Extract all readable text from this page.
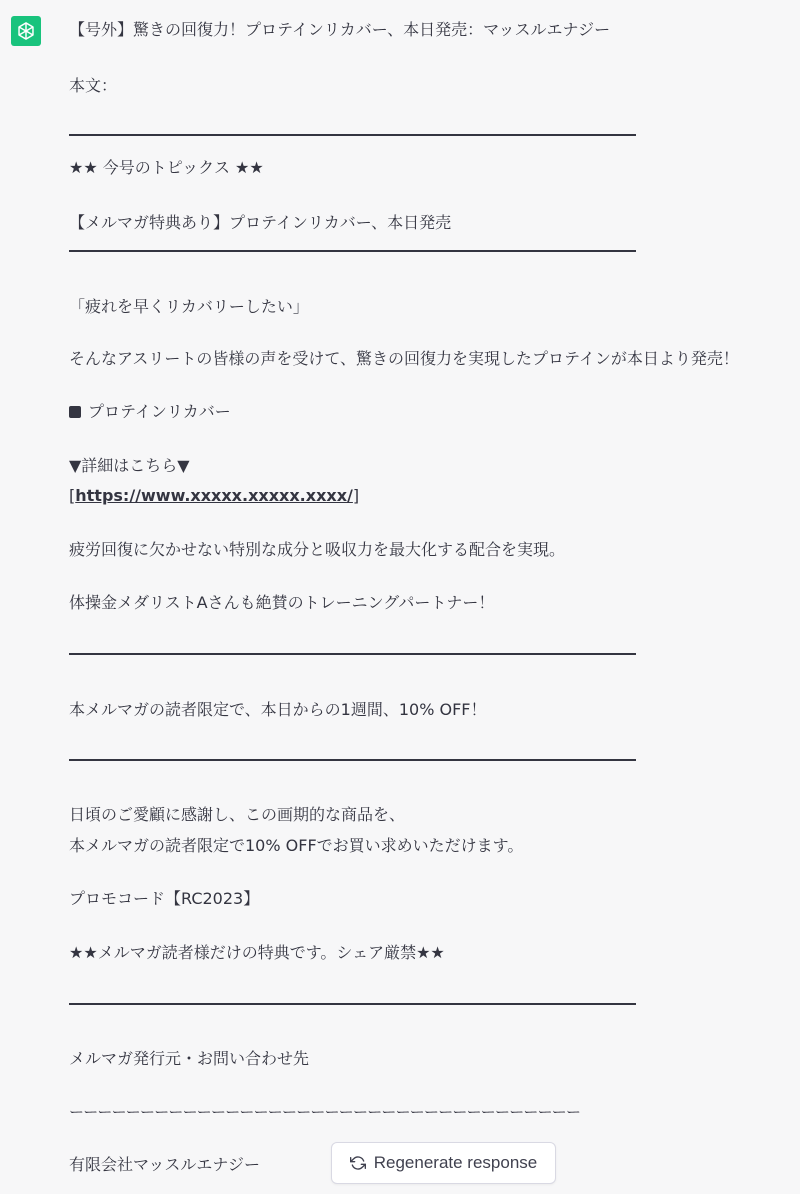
【号外】驚きの回復力！プロテインリカバー、本日発売：マッスルエナジー
本文：
★★ 今号のトピックス ★★
【メルマガ特典あり】プロテインリカバー、本日発売
「疲れを早くリカバリーしたい」
そんなアスリートの皆様の声を受けて、驚きの回復力を実現したプロテインが本日より発売！
プロテインリカバー
▼詳細はこちら▼
[https://www.xxxxx.xxxxx.xxxx/]
疲労回復に欠かせない特別な成分と吸収力を最大化する配合を実現。
体操金メダリストAさんも絶賛のトレーニングパートナー！
本メルマガの読者限定で、本日からの1週間、10% OFF！
日頃のご愛顧に感謝し、この画期的な商品を、
本メルマガの読者限定で10% OFFでお買い求めいただけます。
プロモコード【RC2023】
★★メルマガ読者様だけの特典です。シェア厳禁★★
メルマガ発行元・お問い合わせ先
ーーーーーーーーーーーーーーーーーーーーーーーーーーーーーーーーーーーー
有限会社マッスルエナジー	Regenerate response
